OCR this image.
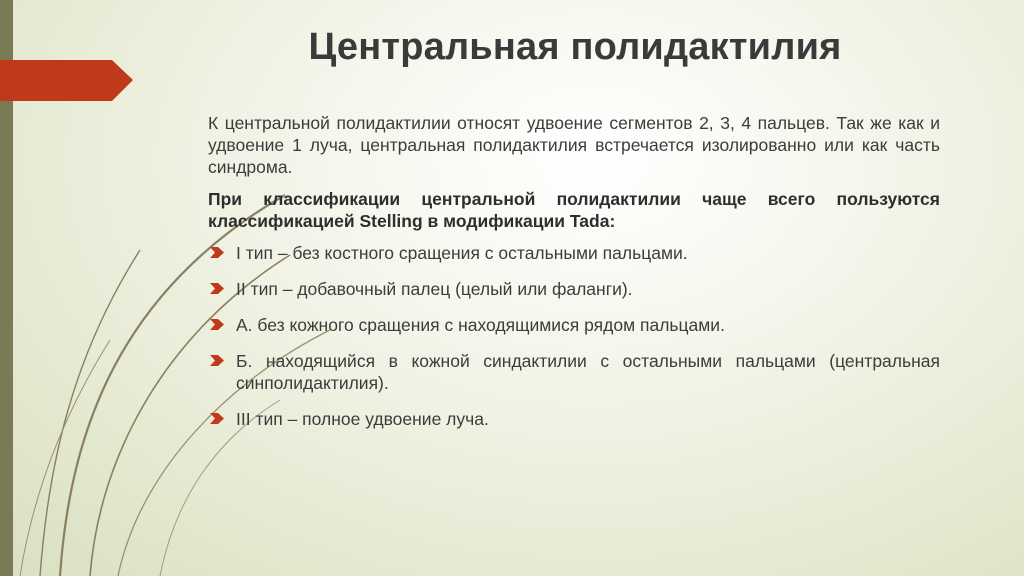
Центральная полидактилия

К центральной полидактилии относят удвоение сегментов 2, 3, 4 пальцев. Так же как и удвоение 1 луча, центральная полидактилия встречается изолированно или как часть синдрома.

При классификации центральной полидактилии чаще всего пользуются классификацией Stelling в модификации Tada:

I тип – без костного сращения с остальными пальцами.
II тип – добавочный палец (целый или фаланги).
А. без кожного сращения с находящимися рядом пальцами.
Б. находящийся в кожной синдактилии с остальными пальцами (центральная синполидактилия).
III тип – полное удвоение луча.
